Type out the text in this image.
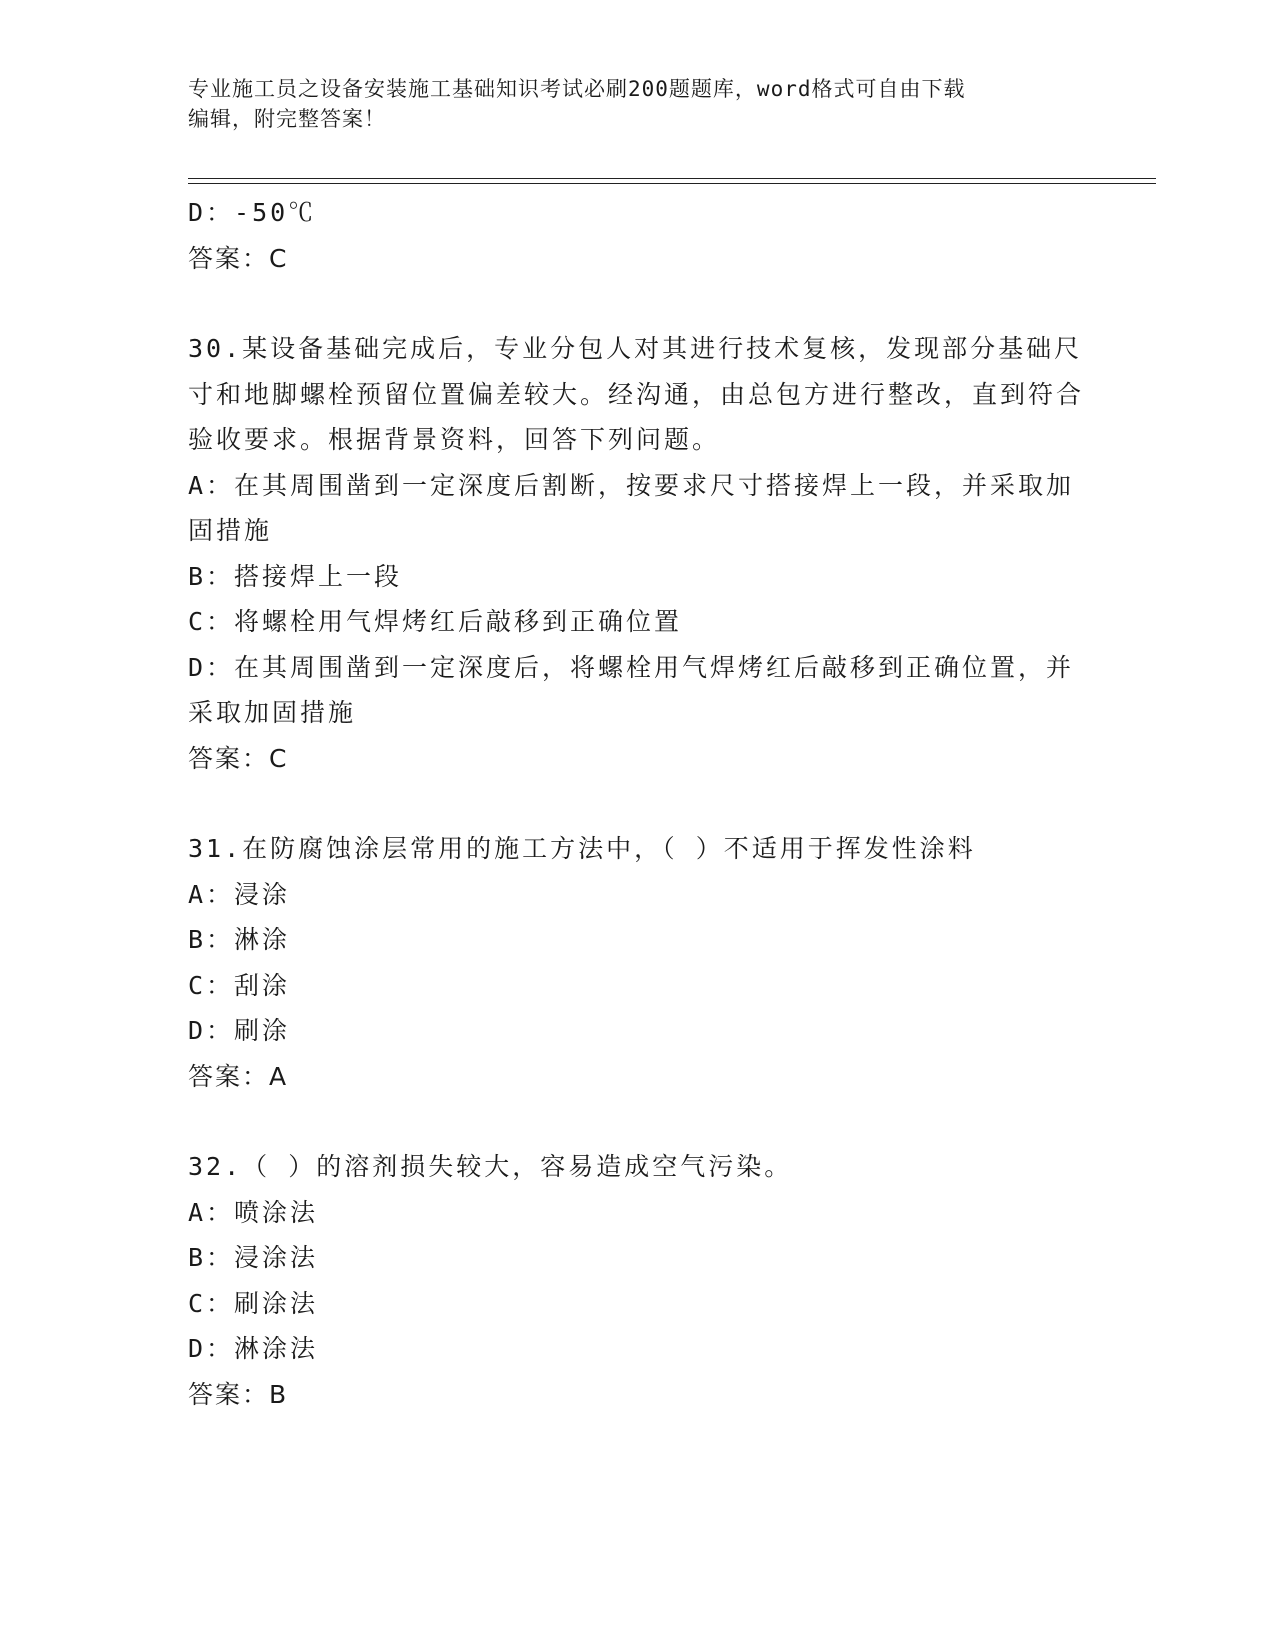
专业施工员之设备安装施工基础知识考试必刷200题题库，word格式可自由下载
编辑，附完整答案！
D：-50℃
答案：C
30.某设备基础完成后，专业分包人对其进行技术复核，发现部分基础尺寸和地脚螺栓预留位置偏差较大。经沟通，由总包方进行整改，直到符合验收要求。根据背景资料，回答下列问题。
A：在其周围凿到一定深度后割断，按要求尺寸搭接焊上一段，并采取加固措施
B：搭接焊上一段
C：将螺栓用气焊烤红后敲移到正确位置
D：在其周围凿到一定深度后，将螺栓用气焊烤红后敲移到正确位置，并采取加固措施
答案：C
31.在防腐蚀涂层常用的施工方法中，（ ）不适用于挥发性涂料
A：浸涂
B：淋涂
C：刮涂
D：刷涂
答案：A
32.（ ）的溶剂损失较大，容易造成空气污染。
A：喷涂法
B：浸涂法
C：刷涂法
D：淋涂法
答案：B
